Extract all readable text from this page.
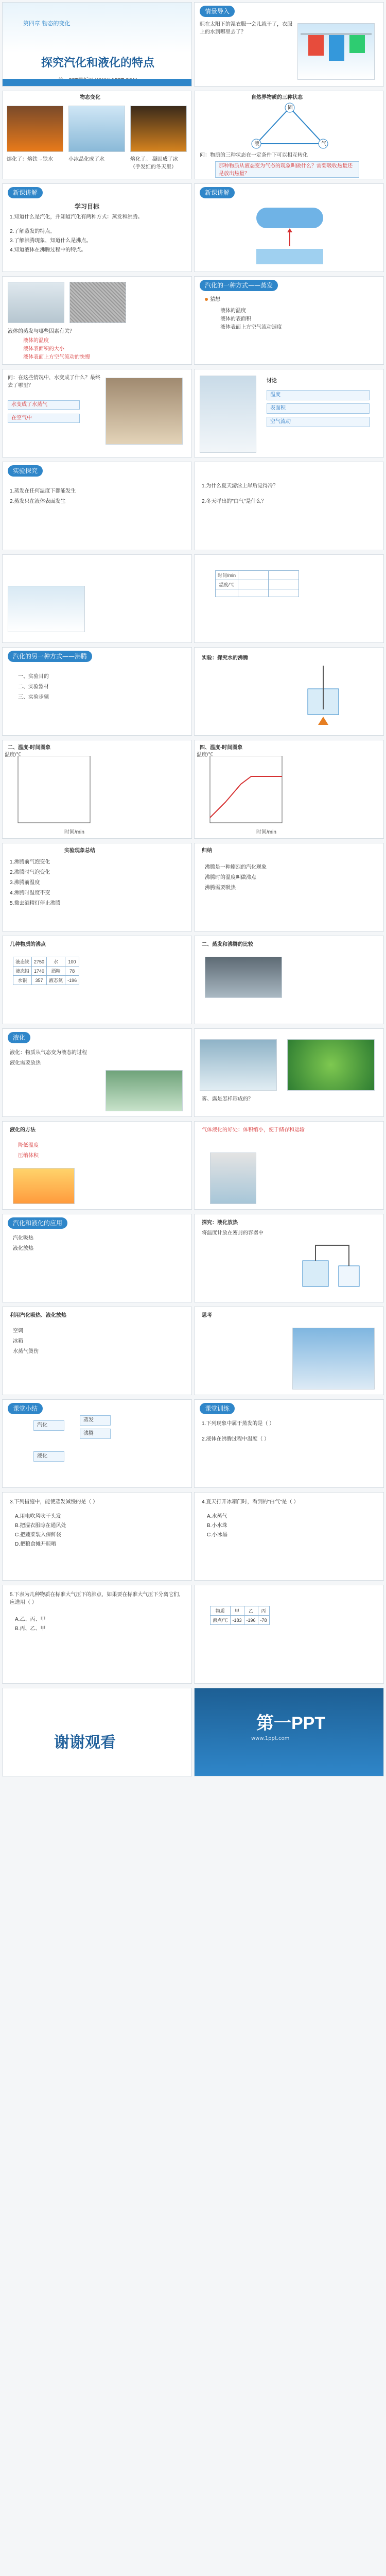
第四章 物态的变化
探究汽化和液化的特点
情景导入
晾在太阳下的湿衣服一会儿就干了，衣服上的水到哪里去了？
物态变化
熔化了：熔铁→铁水	小冰晶化成了水	熔化了。 凝固成了冰（手发红的冬天里）
自然界物质的三种状态
固
液	气
问：物质的三种状态在一定条件下可以相互转化
那种物质从液态变为气态的现象叫做什么？需要吸收热量还是放出热量？
新课讲解
学习目标
1.知道什么是汽化，并知道汽化有两种方式：蒸发和沸腾。
2.了解蒸发的特点。
3.了解沸腾现象，知道什么是沸点。
4.知道液体在沸腾过程中的特点。
新课讲解
液体的蒸发与哪些因素有关？
液体的温度
液体表面积的大小
液体表面上方空气流动的快慢
汽化的一种方式——蒸发
猜想
液体的温度
液体的表面积
液体表面上方空气流动速度
问：在这些情况中，水变成了什么？最终去了哪里？
水变成了水蒸气
在空气中
讨论
温度
表面积
空气流动
实验探究
1.蒸发在任何温度下都能发生
2.蒸发只在液体表面发生
1.为什么夏天游泳上岸后觉得冷？
2.冬天呼出的"白气"是什么？
时间/min		
温度/℃		

汽化的另一种方式——沸腾
一、实验目的
二、实验器材
三、实验步骤
实验：探究水的沸腾
二、温度-时间图象
时间/min
温度/℃
四、温度-时间图象
时间/min
温度/℃
实验现象总结
1.沸腾前气泡变化
2.沸腾时气泡变化
3.沸腾前温度
4.沸腾时温度不变
5.撤去酒精灯停止沸腾
归纳
沸腾是一种剧烈的汽化现象
沸腾时的温度叫做沸点
沸腾需要吸热
几种物质的沸点
液态铁	2750	水	100
液态铅	1740	酒精	78
水银	357	液态氮	-196
二、蒸发和沸腾的比较
液化
液化：物质从气态变为液态的过程
液化需要放热
雾、露是怎样形成的？
液化的方法
降低温度
压缩体积
气体液化的好处：体积缩小，便于储存和运输
汽化和液化的应用
汽化吸热
液化放热
探究：液化放热
将温度计放在密封的容器中
利用汽化吸热、液化放热
空调
冰箱
水蒸气烫伤
思考
课堂小结
汽化
蒸发
沸腾
液化
课堂训练
1.下列现象中属于蒸发的是（ ）
2.液体在沸腾过程中温度（ ）
3.下列措施中，能使蒸发减慢的是（ ）
A.用电吹风吹干头发
B.把湿衣服晾在通风处
C.把蔬菜装入保鲜袋
D.把粮食摊开晾晒
4.夏天打开冰箱门时，看到的"白气"是（ ）
A.水蒸气
B.小水珠
C.小冰晶
5.下表为几种物质在标准大气压下的沸点，如果要在标准大气压下分离它们，应选用（ ）
A.乙、丙、甲
B.丙、乙、甲
物质	甲	乙	丙
沸点/℃	-183	-196	-78
谢谢观看
第一PPT
www.1ppt.com
